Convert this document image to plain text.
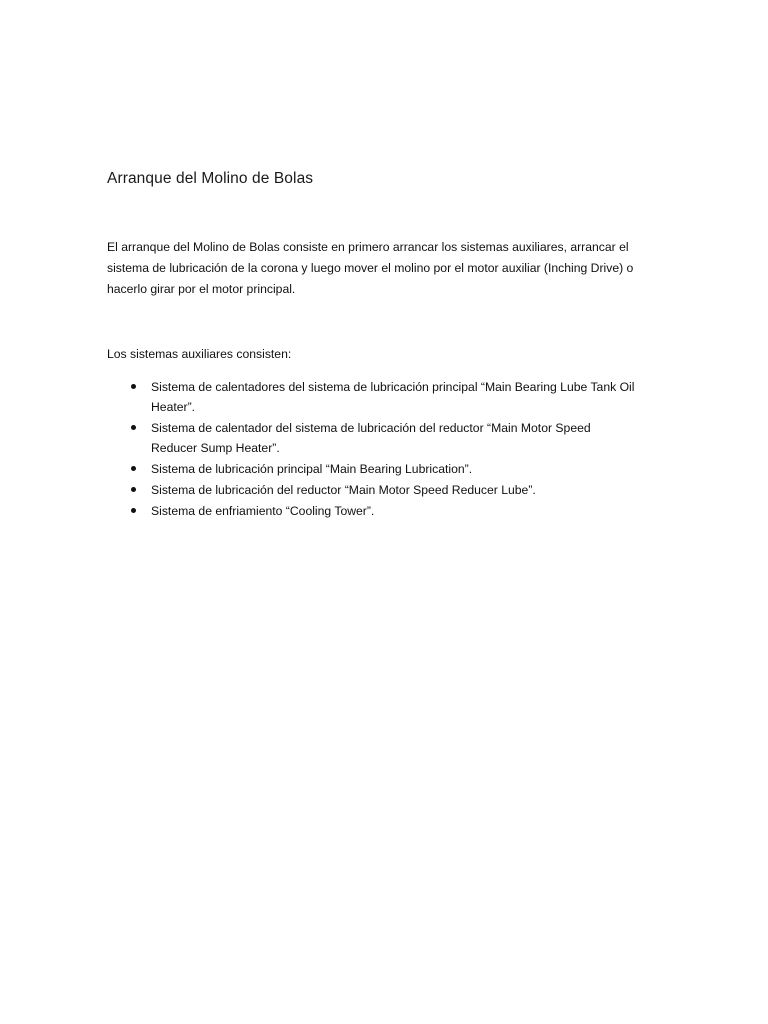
Arranque del Molino de Bolas

El arranque del Molino de Bolas consiste en primero arrancar los sistemas auxiliares, arrancar el
sistema de lubricación de la corona y luego mover el molino por el motor auxiliar (Inching Drive) o
hacerlo girar por el motor principal.

Los sistemas auxiliares consisten:

Sistema de calentadores del sistema de lubricación principal “Main Bearing Lube Tank Oil
Heater”.
Sistema de calentador del sistema de lubricación del reductor “Main Motor Speed
Reducer Sump Heater”.
Sistema de lubricación principal “Main Bearing Lubrication”.
Sistema de lubricación del reductor “Main Motor Speed Reducer Lube”.
Sistema de enfriamiento “Cooling Tower”.
